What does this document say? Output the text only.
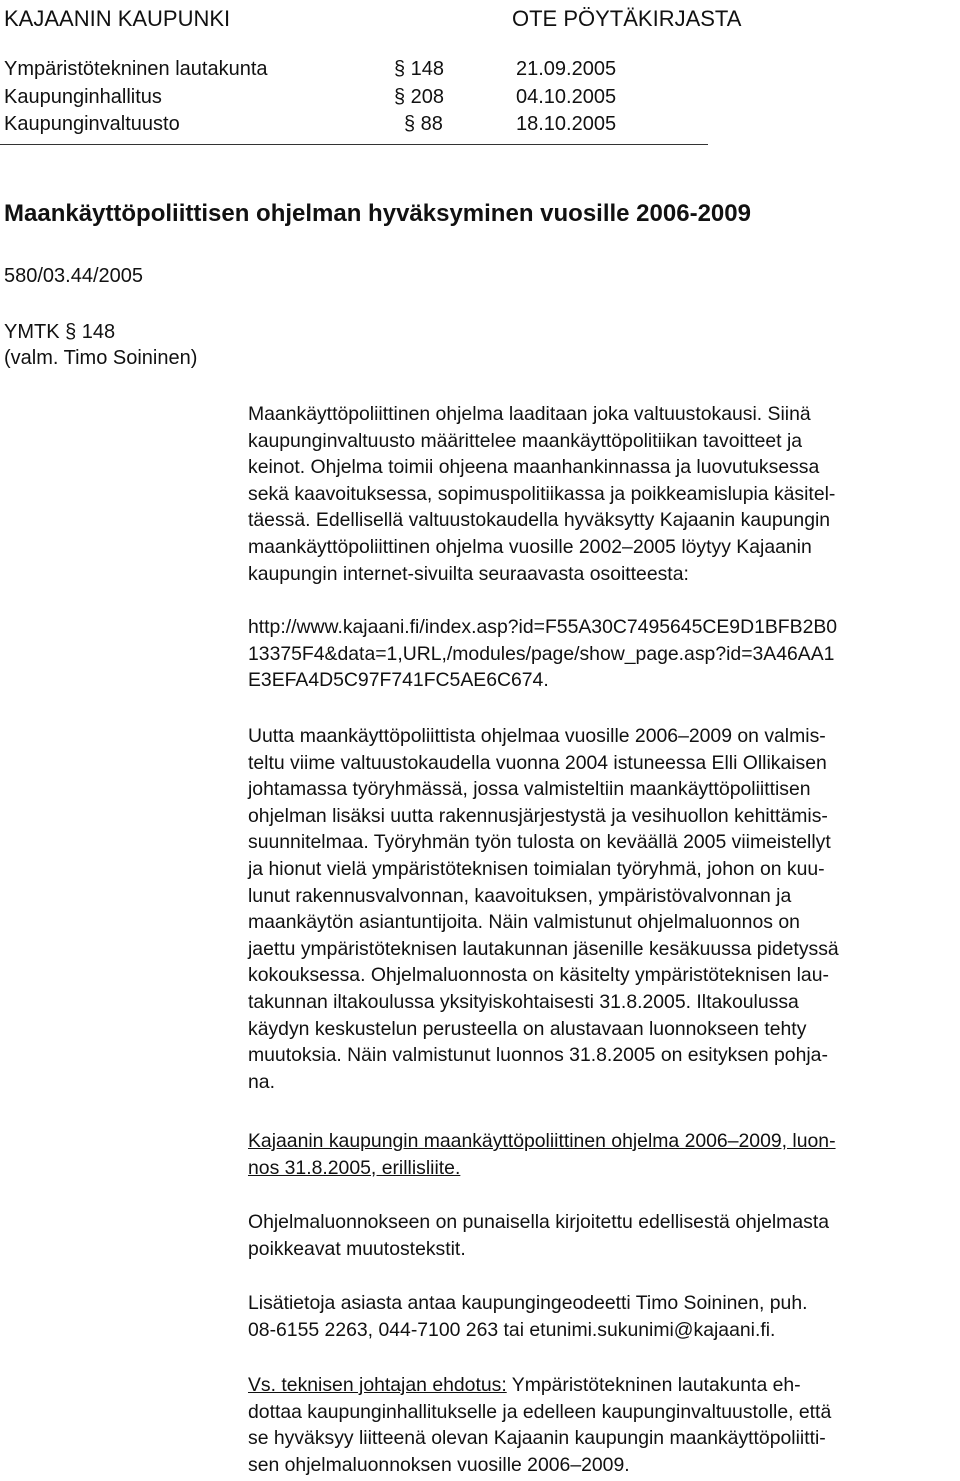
KAJAANIN KAUPUNKI	OTE PÖYTÄKIRJASTA
Ympäristötekninen lautakunta	§ 148	21.09.2005
Kaupunginhallitus	§ 208	04.10.2005
Kaupunginvaltuusto	§ 88	18.10.2005
Maankäyttöpoliittisen ohjelman hyväksyminen vuosille 2006-2009
580/03.44/2005
YMTK § 148
(valm. Timo Soininen)

Maankäyttöpoliittinen ohjelma laaditaan joka valtuustokausi. Siinä

kaupunginvaltuusto määrittelee maankäyttöpolitiikan tavoitteet ja

keinot. Ohjelma toimii ohjeena maanhankinnassa ja luovutuksessa

sekä kaavoituksessa, sopimuspolitiikassa ja poikkeamislupia käsitel-

täessä. Edellisellä valtuustokaudella hyväksytty Kajaanin kaupungin

maankäyttöpoliittinen ohjelma vuosille 2002–2005 löytyy Kajaanin

kaupungin internet-sivuilta seuraavasta osoitteesta:

http://www.kajaani.fi/index.asp?id=F55A30C7495645CE9D1BFB2B0

13375F4&data=1,URL,/modules/page/show_page.asp?id=3A46AA1

E3EFA4D5C97F741FC5AE6C674.

Uutta maankäyttöpoliittista ohjelmaa vuosille 2006–2009 on valmis-

teltu viime valtuustokaudella vuonna 2004 istuneessa Elli Ollikaisen

johtamassa työryhmässä, jossa valmisteltiin maankäyttöpoliittisen

ohjelman lisäksi uutta rakennusjärjestystä ja vesihuollon kehittämis-

suunnitelmaa. Työryhmän työn tulosta on keväällä 2005 viimeistellyt

ja hionut vielä ympäristöteknisen toimialan työryhmä, johon on kuu-

lunut rakennusvalvonnan, kaavoituksen, ympäristövalvonnan ja

maankäytön asiantuntijoita. Näin valmistunut ohjelmaluonnos on

jaettu ympäristöteknisen lautakunnan jäsenille kesäkuussa pidetyssä

kokouksessa. Ohjelmaluonnosta on käsitelty ympäristöteknisen lau-

takunnan iltakoulussa yksityiskohtaisesti 31.8.2005. Iltakoulussa

käydyn keskustelun perusteella on alustavaan luonnokseen tehty

muutoksia. Näin valmistunut luonnos 31.8.2005 on esityksen pohja-

na.

Kajaanin kaupungin maankäyttöpoliittinen ohjelma 2006–2009, luon-

nos 31.8.2005, erillisliite.

Ohjelmaluonnokseen on punaisella kirjoitettu edellisestä ohjelmasta

poikkeavat muutostekstit.

Lisätietoja asiasta antaa kaupungingeodeetti Timo Soininen, puh.

08-6155 2263, 044-7100 263 tai etunimi.sukunimi@kajaani.fi.

Vs. teknisen johtajan ehdotus: Ympäristötekninen lautakunta eh-

dottaa kaupunginhallitukselle ja edelleen kaupunginvaltuustolle, että

se hyväksyy liitteenä olevan Kajaanin kaupungin maankäyttöpoliitti-

sen ohjelmaluonnoksen vuosille 2006–2009.
